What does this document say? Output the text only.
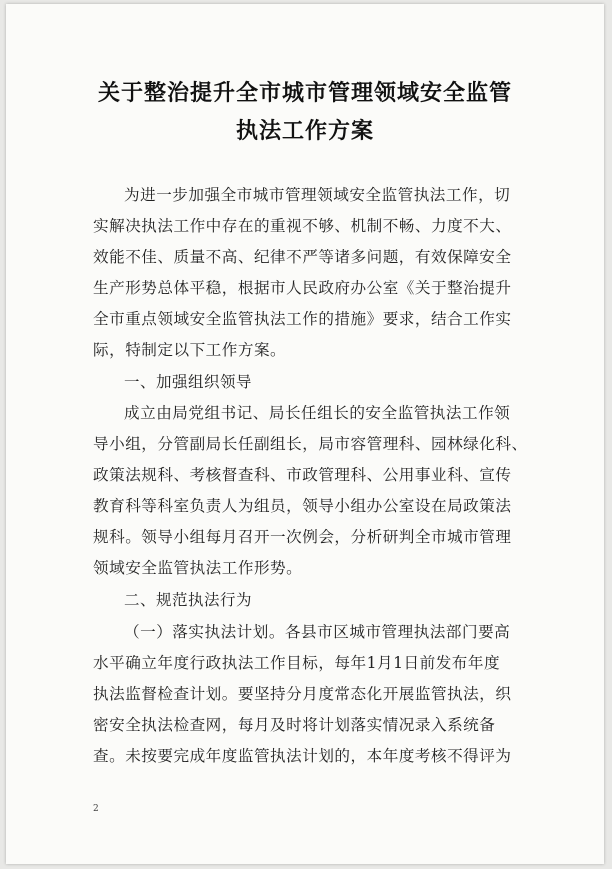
关于整治提升全市城市管理领域安全监管
执法工作方案
为进一步加强全市城市管理领域安全监管执法工作，切
实解决执法工作中存在的重视不够、机制不畅、力度不大、
效能不佳、质量不高、纪律不严等诸多问题，有效保障安全
生产形势总体平稳，根据市人民政府办公室《关于整治提升
全市重点领域安全监管执法工作的措施》要求，结合工作实
际，特制定以下工作方案。
一、加强组织领导
成立由局党组书记、局长任组长的安全监管执法工作领
导小组，分管副局长任副组长，局市容管理科、园林绿化科、
政策法规科、考核督查科、市政管理科、公用事业科、宣传
教育科等科室负责人为组员，领导小组办公室设在局政策法
规科。领导小组每月召开一次例会，分析研判全市城市管理
领域安全监管执法工作形势。
二、规范执法行为
（一）落实执法计划。各县市区城市管理执法部门要高
水平确立年度行政执法工作目标，每年1月1日前发布年度
执法监督检查计划。要坚持分月度常态化开展监管执法，织
密安全执法检查网，每月及时将计划落实情况录入系统备
查。未按要完成年度监管执法计划的，本年度考核不得评为
2
